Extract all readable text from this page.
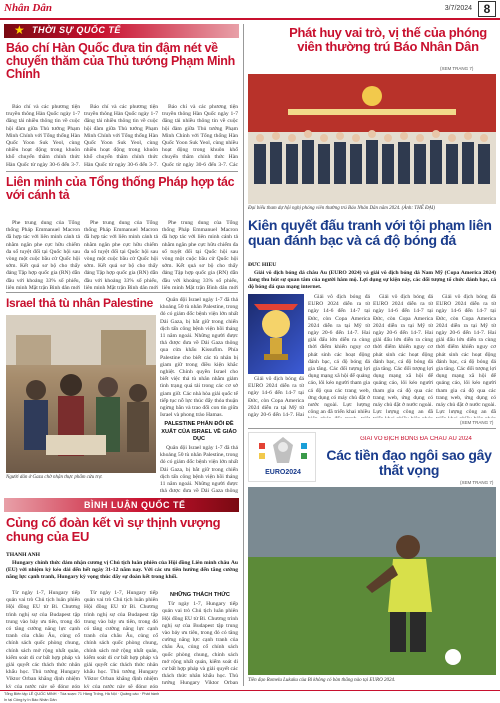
Nhân Dân	3/7/2024 8
★ THỜI SỰ QUỐC TẾ
Báo chí Hàn Quốc đưa tin đậm nét về chuyến thăm của Thủ tướng Phạm Minh Chính

Báo chí và các phương tiện truyền thông Hàn Quốc ngày 1-7 đăng tải nhiều thông tin về cuộc hội đàm giữa Thủ tướng Phạm Minh Chính với Tổng thống Hàn Quốc Yoon Suk Yeol, cùng nhiều hoạt động trong khuôn khổ chuyến thăm chính thức Hàn Quốc từ ngày 30-6 đến 3-7.

Báo chí và các phương tiện truyền thông Hàn Quốc ngày 1-7 đăng tải nhiều thông tin về cuộc hội đàm giữa Thủ tướng Phạm Minh Chính với Tổng thống Hàn Quốc Yoon Suk Yeol, cùng nhiều hoạt động trong khuôn khổ chuyến thăm chính thức Hàn Quốc từ ngày 30-6 đến 3-7.

Báo chí và các phương tiện truyền thông Hàn Quốc ngày 1-7 đăng tải nhiều thông tin về cuộc hội đàm giữa Thủ tướng Phạm Minh Chính với Tổng thống Hàn Quốc Yoon Suk Yeol, cùng nhiều hoạt động trong khuôn khổ chuyến thăm chính thức Hàn Quốc từ ngày 30-6 đến 3-7. Các

Liên minh của Tổng thống Pháp hợp tác với cánh tả

Phe trung dung của Tổng thống Pháp Emmanuel Macron đã hợp tác với liên minh cánh tả nhằm ngăn phe cực hữu chiếm đa số tuyệt đối tại Quốc hội sau vòng một cuộc bầu cử Quốc hội sớm. Kết quả sơ bộ cho thấy đảng Tập hợp quốc gia (RN) dẫn đầu với khoảng 33% số phiếu, liên minh Mặt trận Bình dân mới

Phe trung dung của Tổng thống Pháp Emmanuel Macron đã hợp tác với liên minh cánh tả nhằm ngăn phe cực hữu chiếm đa số tuyệt đối tại Quốc hội sau vòng một cuộc bầu cử Quốc hội sớm. Kết quả sơ bộ cho thấy đảng Tập hợp quốc gia (RN) dẫn đầu với khoảng 33% số phiếu, liên minh Mặt trận Bình dân mới

Phe trung dung của Tổng thống Pháp Emmanuel Macron đã hợp tác với liên minh cánh tả nhằm ngăn phe cực hữu chiếm đa số tuyệt đối tại Quốc hội sau vòng một cuộc bầu cử Quốc hội sớm. Kết quả sơ bộ cho thấy đảng Tập hợp quốc gia (RN) dẫn đầu với khoảng 33% số phiếu, liên minh Mặt trận Bình dân mới

Israel thả tù nhân Palestine
Người dân ở Gaza chờ nhận thực phẩm cứu trợ.

Quân đội Israel ngày 1-7 đã thả khoảng 50 tù nhân Palestine, trong đó có giám đốc bệnh viện lớn nhất Dải Gaza, bị bắt giữ trong chiến dịch tấn công bệnh viện hồi tháng 11 năm ngoái. Những người được thả được đưa về Dải Gaza thông qua cửa khẩu Kissufim. Phía Palestine cho biết các tù nhân bị giam giữ trong điều kiện khắc nghiệt. Chính quyền Israel cho biết việc thả tù nhân nhằm giảm tình trạng quá tải trong các cơ sở giam giữ. Các nhà hòa giải quốc tế tiếp tục nỗ lực thúc đẩy thỏa thuận ngừng bắn và trao đổi con tin giữa Israel và phong trào Hamas.

PALESTINE PHẢN ĐỐI ĐỀ XUẤT CỦA ISRAEL VỀ GIÁO DỤC

Quân đội Israel ngày 1-7 đã thả khoảng 50 tù nhân Palestine, trong đó có giám đốc bệnh viện lớn nhất Dải Gaza, bị bắt giữ trong chiến dịch tấn công bệnh viện hồi tháng 11 năm ngoái. Những người được thả được đưa về Dải Gaza thông

BÌNH LUẬN QUỐC TẾ
Củng cố đoàn kết vì sự thịnh vượng chung của EU
THANH ANH

Hungary chính thức đảm nhận cương vị Chủ tịch luân phiên của Hội đồng Liên minh châu Âu (EU) với nhiệm kỳ kéo dài đến hết ngày 31-12 năm nay. Với các ưu tiên hướng đến tăng cường năng lực cạnh tranh, Hungary kỳ vọng thúc đẩy sự đoàn kết trong khối.

Từ ngày 1-7, Hungary tiếp quản vai trò Chủ tịch luân phiên Hội đồng EU từ Bỉ. Chương trình nghị sự của Budapest tập trung vào bảy ưu tiên, trong đó có tăng cường năng lực cạnh tranh của châu Âu, củng cố chính sách quốc phòng chung, chính sách mở rộng nhất quán, kiểm soát di cư bất hợp pháp và giải quyết các thách thức nhân khẩu học. Thủ tướng Hungary Viktor Orban khẳng định nhiệm kỳ của nước này sẽ đóng góp

Từ ngày 1-7, Hungary tiếp quản vai trò Chủ tịch luân phiên Hội đồng EU từ Bỉ. Chương trình nghị sự của Budapest tập trung vào bảy ưu tiên, trong đó có tăng cường năng lực cạnh tranh của châu Âu, củng cố chính sách quốc phòng chung, chính sách mở rộng nhất quán, kiểm soát di cư bất hợp pháp và giải quyết các thách thức nhân khẩu học. Thủ tướng Hungary Viktor Orban khẳng định nhiệm kỳ của nước này sẽ đóng góp

NHỮNG THÁCH THỨC

Từ ngày 1-7, Hungary tiếp quản vai trò Chủ tịch luân phiên Hội đồng EU từ Bỉ. Chương trình nghị sự của Budapest tập trung vào bảy ưu tiên, trong đó có tăng cường năng lực cạnh tranh của châu Âu, củng cố chính sách quốc phòng chung, chính sách mở rộng nhất quán, kiểm soát di cư bất hợp pháp và giải quyết các thách thức nhân khẩu học. Thủ tướng Hungary Viktor Orban

Phát huy vai trò, vị thế của phóng viên thường trú Báo Nhân Dân
(XEM TRANG 7)
Đại biểu tham dự hội nghị phóng viên thường trú Báo Nhân Dân năm 2024. (Ảnh: THẾ ĐẠI)
Kiên quyết đấu tranh với tội phạm liên quan đánh bạc và cá độ bóng đá
ĐỨC HIẾU

Giải vô địch bóng đá châu Âu (EURO 2024) và giải vô địch bóng đá Nam Mỹ (Copa America 2024) đang thu hút sự quan tâm của người hâm mộ. Lợi dụng sự kiện này, các đối tượng tổ chức đánh bạc, cá độ bóng đá qua mạng internet.

Giải vô địch bóng đá EURO 2024 diễn ra từ ngày 14-6 đến 14-7 tại Đức, còn Copa America 2024 diễn ra tại Mỹ từ ngày 20-6 đến 14-7. Hai giải đấu lớn diễn ra cùng thời điểm khiến nguy cơ phát sinh các hoạt động đánh bạc, cá độ bóng đá gia tăng. Các đối tượng lợi dụng mạng xã hội để quảng cáo, lôi kéo người tham gia cá độ qua các trang web, ứng dụng có máy chủ đặt ở nước ngoài. Lực lượng công an đã triển khai nhiều

Giải vô địch bóng đá EURO 2024 diễn ra từ ngày 14-6 đến 14-7 tại Đức, còn Copa America 2024 diễn ra tại Mỹ từ ngày 20-6 đến 14-7. Hai giải đấu lớn diễn ra cùng thời điểm khiến nguy cơ phát sinh các hoạt động đánh bạc, cá độ bóng đá gia tăng. Các đối tượng lợi dụng mạng xã hội để quảng cáo, lôi kéo người tham gia cá độ qua các trang web, ứng dụng có máy chủ đặt ở nước ngoài. Lực lượng công an đã

Giải vô địch bóng đá EURO 2024 diễn ra từ ngày 14-6 đến 14-7 tại Đức, còn Copa America 2024 diễn ra tại Mỹ từ ngày 20-6 đến 14-7. Hai giải đấu lớn diễn ra cùng thời điểm khiến nguy cơ phát sinh các hoạt động đánh bạc, cá độ bóng đá gia tăng. Các đối tượng lợi dụng mạng xã hội để quảng cáo, lôi kéo người tham gia cá độ qua các trang web, ứng dụng có máy chủ đặt ở nước ngoài. Lực lượng công an đã

Giải vô địch bóng đá EURO 2024 diễn ra từ ngày 14-6 đến 14-7 tại Đức, còn Copa America 2024 diễn ra tại Mỹ từ ngày 20-6 đến 14-7. Hai

(XEM TRANG 7)
EURO2024
GIẢI VÔ ĐỊCH BÓNG ĐÁ CHÂU ÂU 2024
Các tiền đạo ngôi sao gây thất vọng
(XEM TRANG 7)
Tiền đạo Romelu Lukaku của Bỉ không có bàn thắng nào tại EURO 2024.
Tổng Biên tập LÊ QUỐC MINH · Tòa soạn: 71 Hàng Trống, Hà Nội · Quảng cáo · Phát hành
In tại Công ty In Báo Nhân Dân
